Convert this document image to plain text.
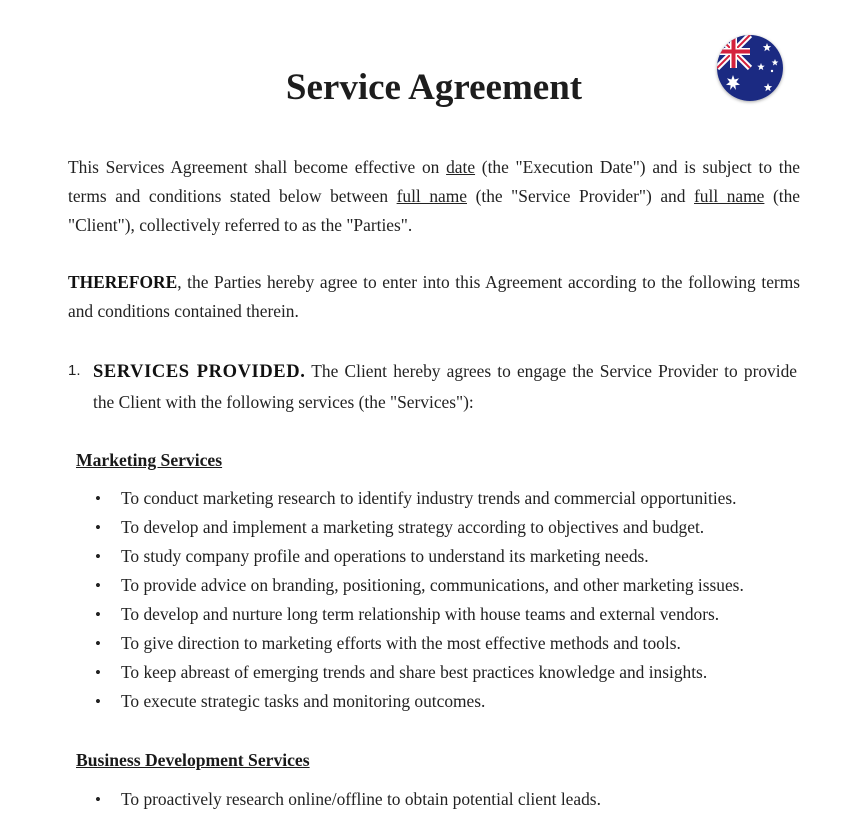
Service Agreement

This Services Agreement shall become effective on date (the "Execution Date") and is subject to the terms and conditions stated below between full name (the "Service Provider") and full name (the "Client"), collectively referred to as the "Parties".

THEREFORE, the Parties hereby agree to enter into this Agreement according to the following terms and conditions contained therein.

1. SERVICES PROVIDED. The Client hereby agrees to engage the Service Provider to provide the Client with the following services (the "Services"):

Marketing Services
• To conduct marketing research to identify industry trends and commercial opportunities.
• To develop and implement a marketing strategy according to objectives and budget.
• To study company profile and operations to understand its marketing needs.
• To provide advice on branding, positioning, communications, and other marketing issues.
• To develop and nurture long term relationship with house teams and external vendors.
• To give direction to marketing efforts with the most effective methods and tools.
• To keep abreast of emerging trends and share best practices knowledge and insights.
• To execute strategic tasks and monitoring outcomes.
Business Development Services
• To proactively research online/offline to obtain potential client leads.
